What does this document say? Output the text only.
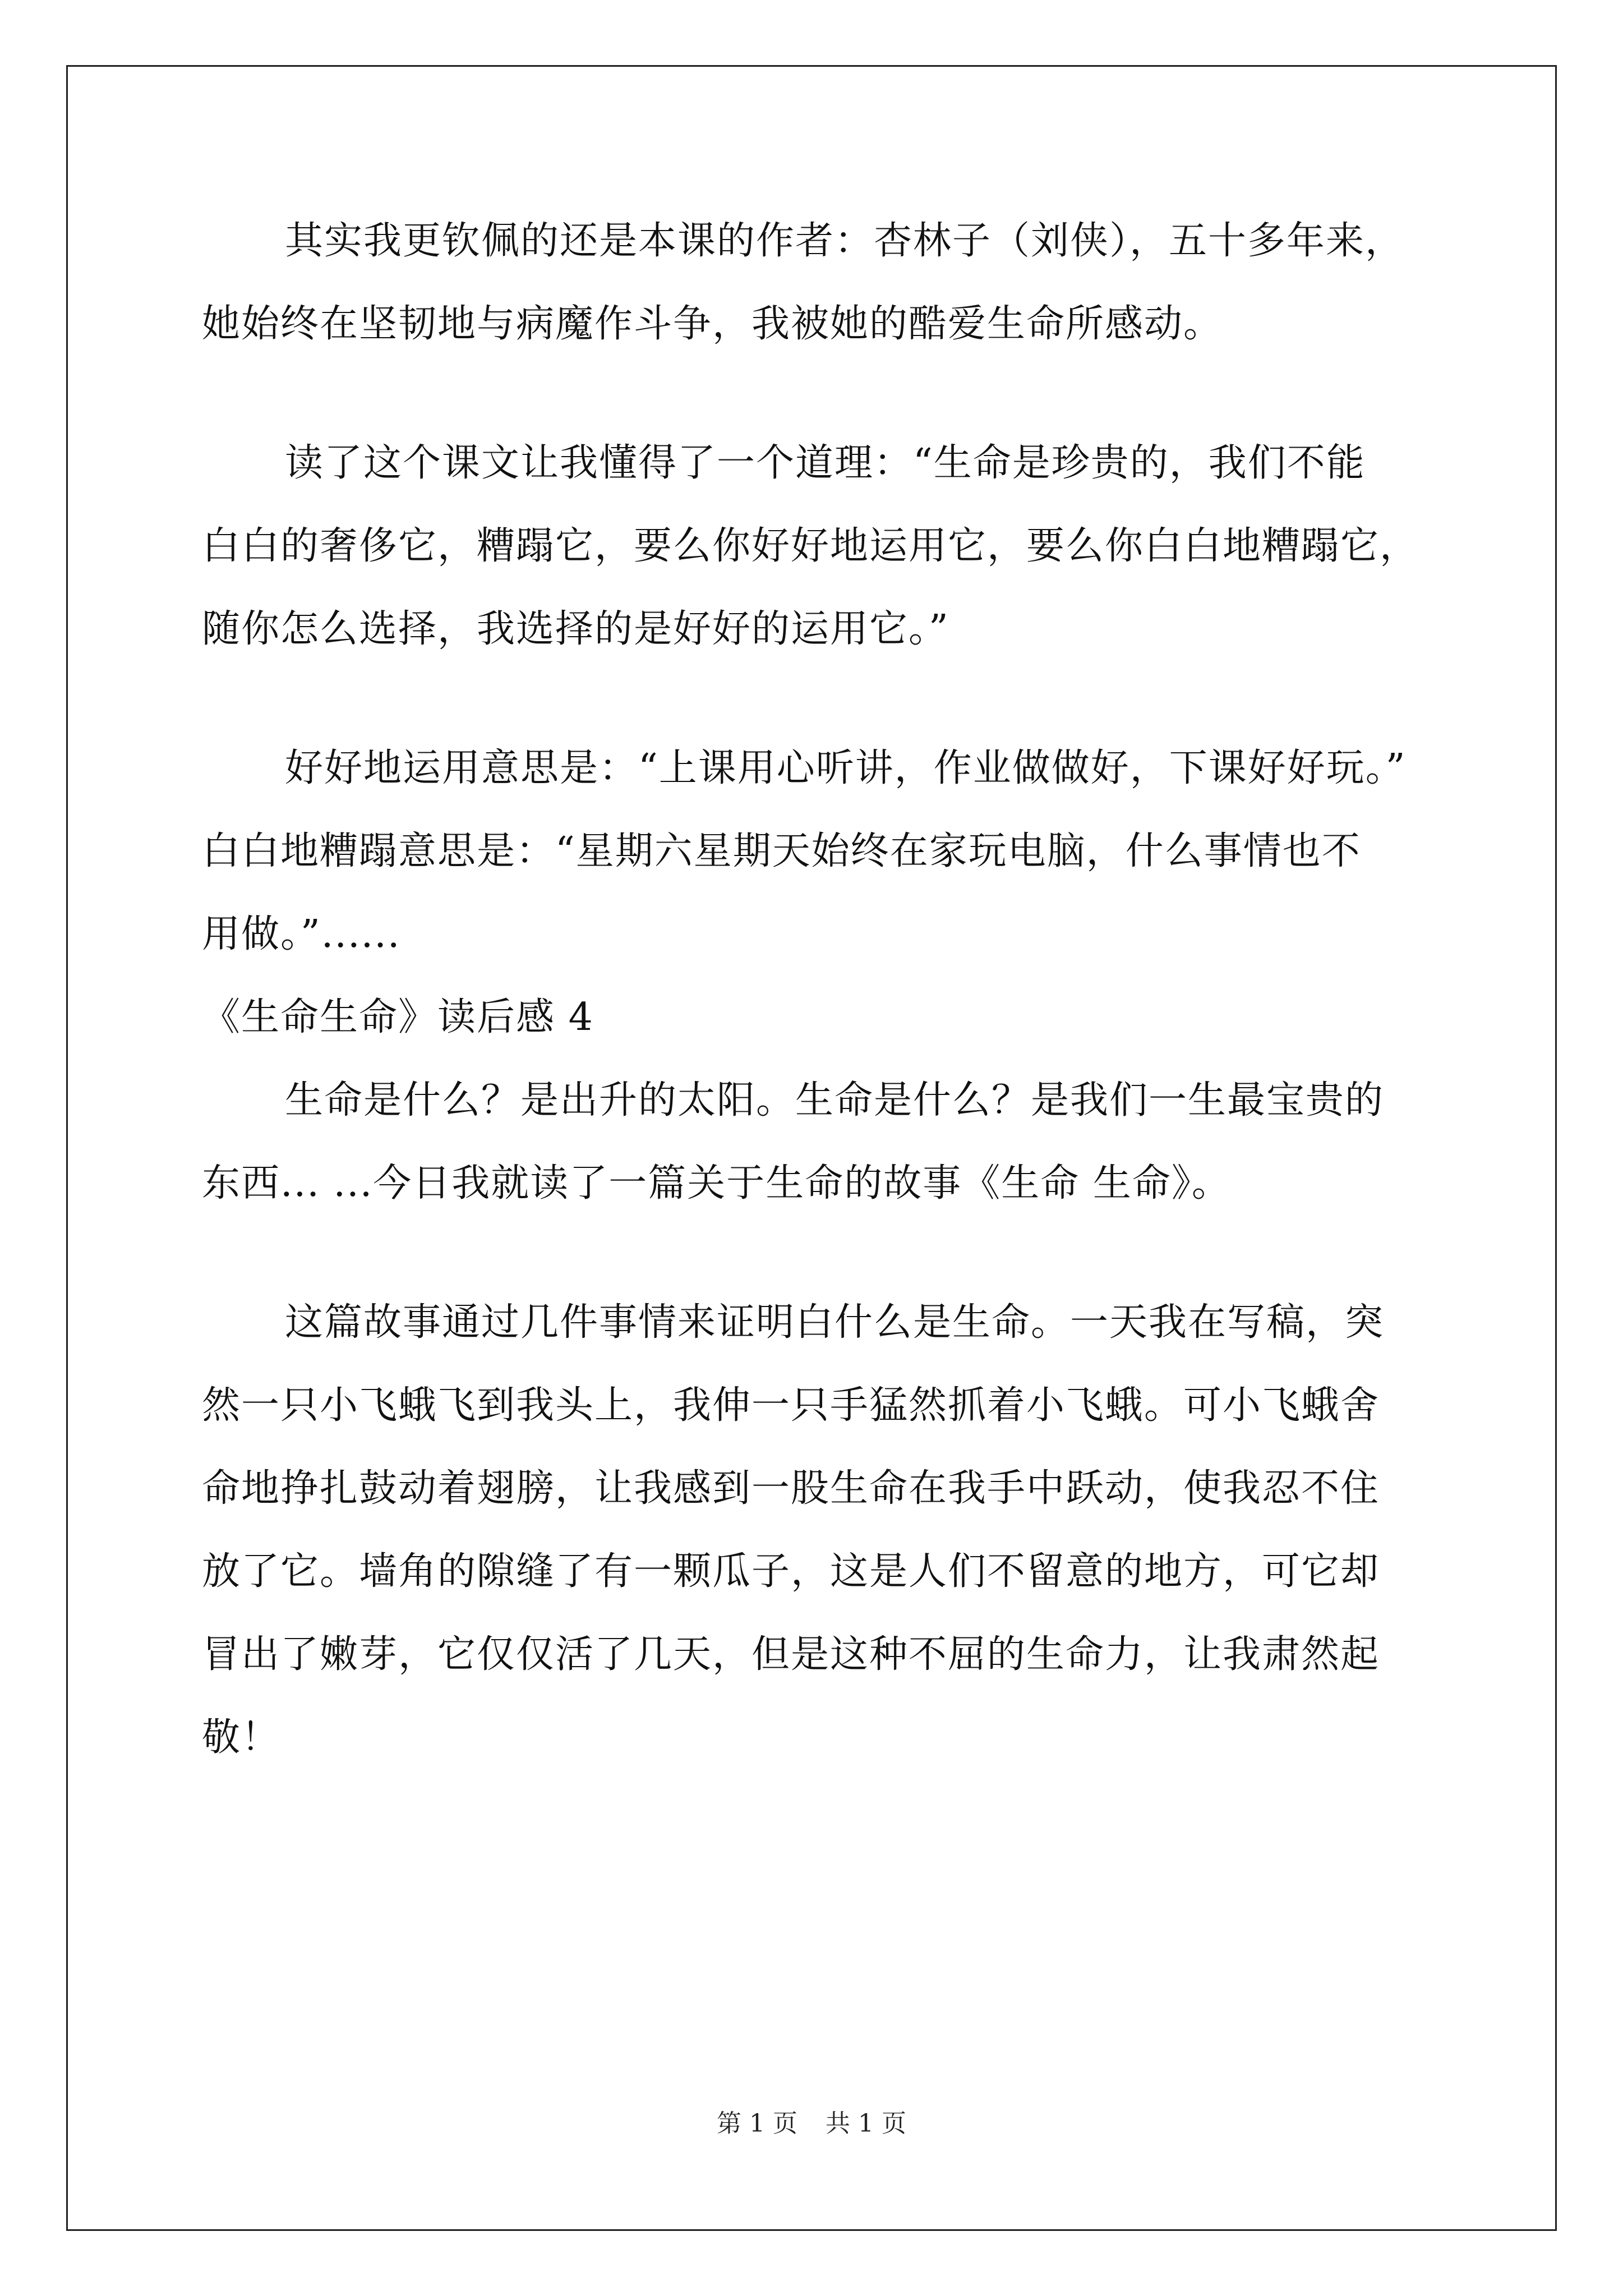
其实我更钦佩的还是本课的作者：杏林子（刘侠），五十多年来，
她始终在坚韧地与病魔作斗争，我被她的酷爱生命所感动。
读了这个课文让我懂得了一个道理：“生命是珍贵的，我们不能
白白的奢侈它，糟蹋它，要么你好好地运用它，要么你白白地糟蹋它，
随你怎么选择，我选择的是好好的运用它。”
好好地运用意思是：“上课用心听讲，作业做做好，下课好好玩。”
白白地糟蹋意思是：“星期六星期天始终在家玩电脑，什么事情也不
用做。”......
《生命生命》读后感 4
生命是什么？是出升的太阳。生命是什么？是我们一生最宝贵的
东西... ...今日我就读了一篇关于生命的故事《生命 生命》。
这篇故事通过几件事情来证明白什么是生命。一天我在写稿，突
然一只小飞蛾飞到我头上，我伸一只手猛然抓着小飞蛾。可小飞蛾舍
命地挣扎鼓动着翅膀，让我感到一股生命在我手中跃动，使我忍不住
放了它。墙角的隙缝了有一颗瓜子，这是人们不留意的地方，可它却
冒出了嫩芽，它仅仅活了几天，但是这种不屈的生命力，让我肃然起
敬！
第 1 页 共 1 页
